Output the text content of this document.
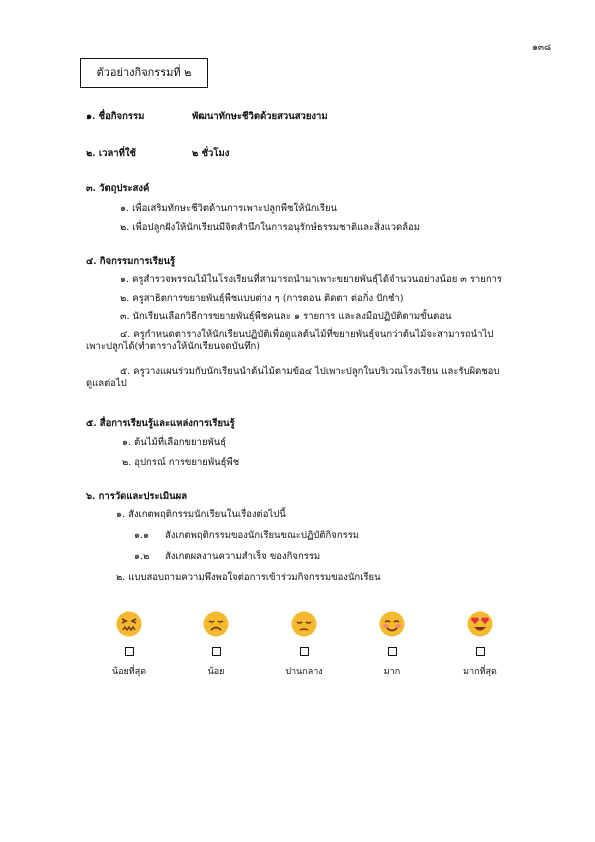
๑๓๘
ตัวอย่างกิจกรรมที่ ๒
๑. ชื่อกิจกรรม	พัฒนาทักษะชีวิตด้วยสวนสวยงาม
๒. เวลาที่ใช้	๒ ชั่วโมง
๓. วัตถุประสงค์
๑. เพื่อเสริมทักษะชีวิตด้านการเพาะปลูกพืชให้นักเรียน
๒. เพื่อปลูกฝังให้นักเรียนมีจิตสำนึกในการอนุรักษ์ธรรมชาติและสิ่งแวดล้อม
๔. กิจกรรมการเรียนรู้
๑. ครูสำรวจพรรณไม้ในโรงเรียนที่สามารถนำมาเพาะขยายพันธุ์ได้จำนวนอย่างน้อย ๓ รายการ
๒. ครูสาธิตการขยายพันธุ์พืชแบบต่าง ๆ (การตอน ติดตา ต่อกิ่ง ปักชำ)
๓. นักเรียนเลือกวิธีการขยายพันธุ์พืชคนละ ๑ รายการ และลงมือปฏิบัติตามขั้นตอน
๔. ครูกำหนดตารางให้นักเรียนปฏิบัติเพื่อดูแลต้นไม้ที่ขยายพันธุ์จนกว่าต้นไม้จะสามารถนำไปเพาะปลูกได้(ทำตารางให้นักเรียนจดบันทึก)
๕. ครูวางแผนร่วมกับนักเรียนนำต้นไม้ตามข้อ๔ ไปเพาะปลูกในบริเวณโรงเรียน และรับผิดชอบดูแลต่อไป
๕. สื่อการเรียนรู้และแหล่งการเรียนรู้
๑. ต้นไม้ที่เลือกขยายพันธุ์
๒. อุปกรณ์ การขยายพันธุ์พืช
๖. การวัดและประเมินผล
๑. สังเกตพฤติกรรมนักเรียนในเรื่องต่อไปนี้
๑.๑ สังเกตพฤติกรรมของนักเรียนขณะปฏิบัติกิจกรรม
๑.๒ สังเกตผลงานความสำเร็จ ของกิจกรรม
๒. แบบสอบถามความพึงพอใจต่อการเข้าร่วมกิจกรรมของนักเรียน
น้อยที่สุด	น้อย	ปานกลาง	มาก	มากที่สุด
